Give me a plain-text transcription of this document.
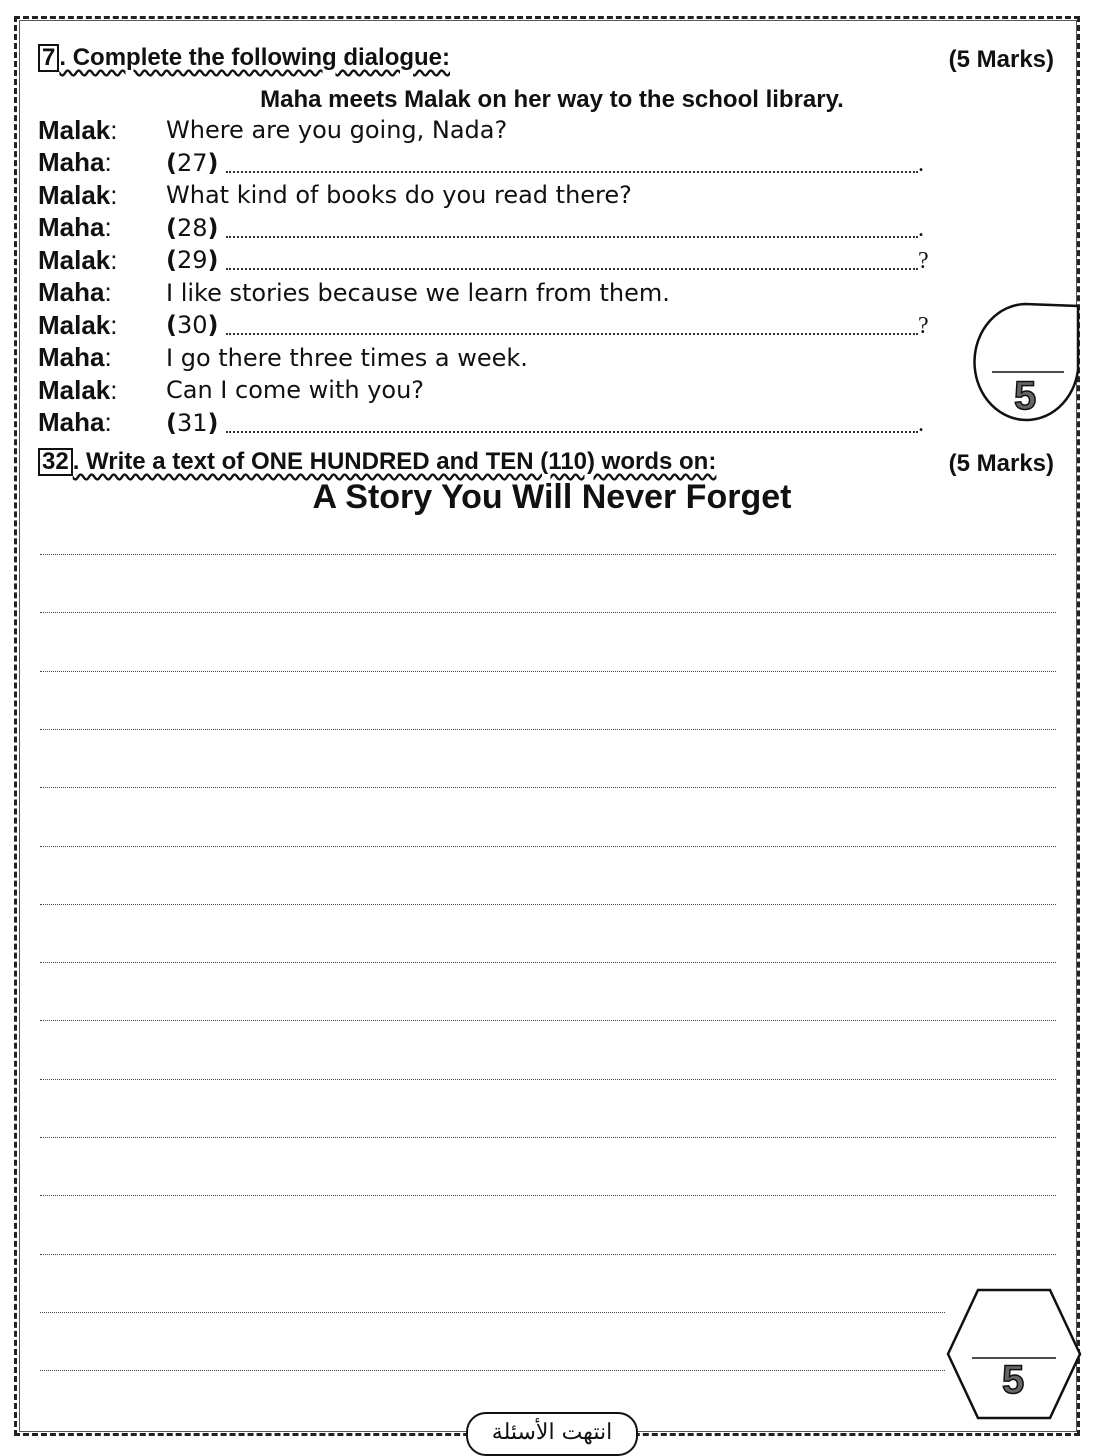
7 . Complete the following dialogue:	(5 Marks)
Maha meets Malak on her way to the school library.
Malak:	Where are you going, Nada?
Maha:	(27)	.
Malak:	What kind of books do you read there?
Maha:	(28)	.
Malak:	(29)	?
Maha:	I like stories because we learn from them.
Malak:	(30)	?
Maha:	I go there three times a week.
Malak:	Can I come with you?
Maha:	(31)	.
5
32 . Write a text of ONE HUNDRED and TEN (110) words on:	(5 Marks)
A Story You Will Never Forget
5
انتهت الأسئلة
